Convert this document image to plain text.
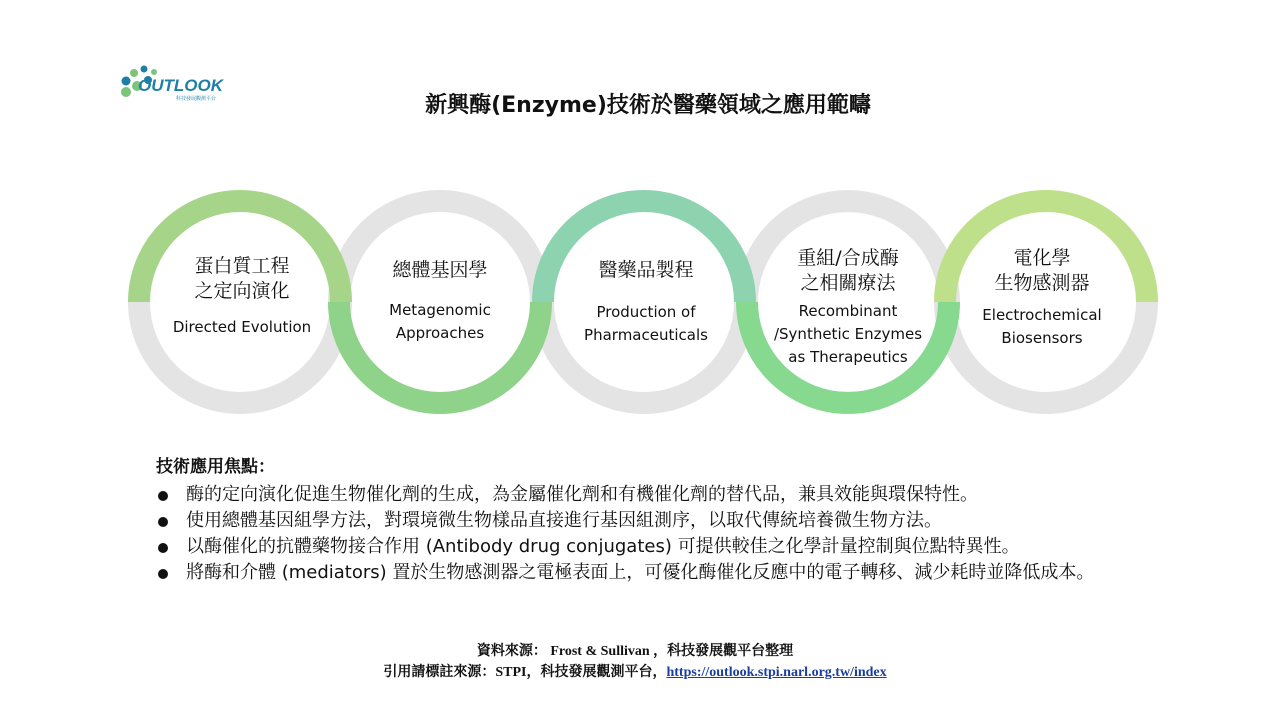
OUTLOOK
科技發展觀測平台	新興酶(Enzyme)技術於醫藥領域之應用範疇
蛋白質工程
之定向演化
Directed Evolution
總體基因學
Metagenomic
Approaches
醫藥品製程
Production of
Pharmaceuticals
重組/合成酶
之相關療法
Recombinant
/Synthetic Enzymes
as Therapeutics
電化學
生物感測器
Electrochemical
Biosensors
技術應用焦點：
酶的定向演化促進生物催化劑的生成，為金屬催化劑和有機催化劑的替代品，兼具效能與環保特性。
使用總體基因組學方法，對環境微生物樣品直接進行基因組測序，以取代傳統培養微生物方法。
以酶催化的抗體藥物接合作用 (Antibody drug conjugates) 可提供較佳之化學計量控制與位點特異性。
將酶和介體 (mediators) 置於生物感測器之電極表面上，可優化酶催化反應中的電子轉移、減少耗時並降低成本。
資料來源： Frost & Sullivan ，科技發展觀平台整理
引用請標註來源：STPI，科技發展觀測平台，https://outlook.stpi.narl.org.tw/index
